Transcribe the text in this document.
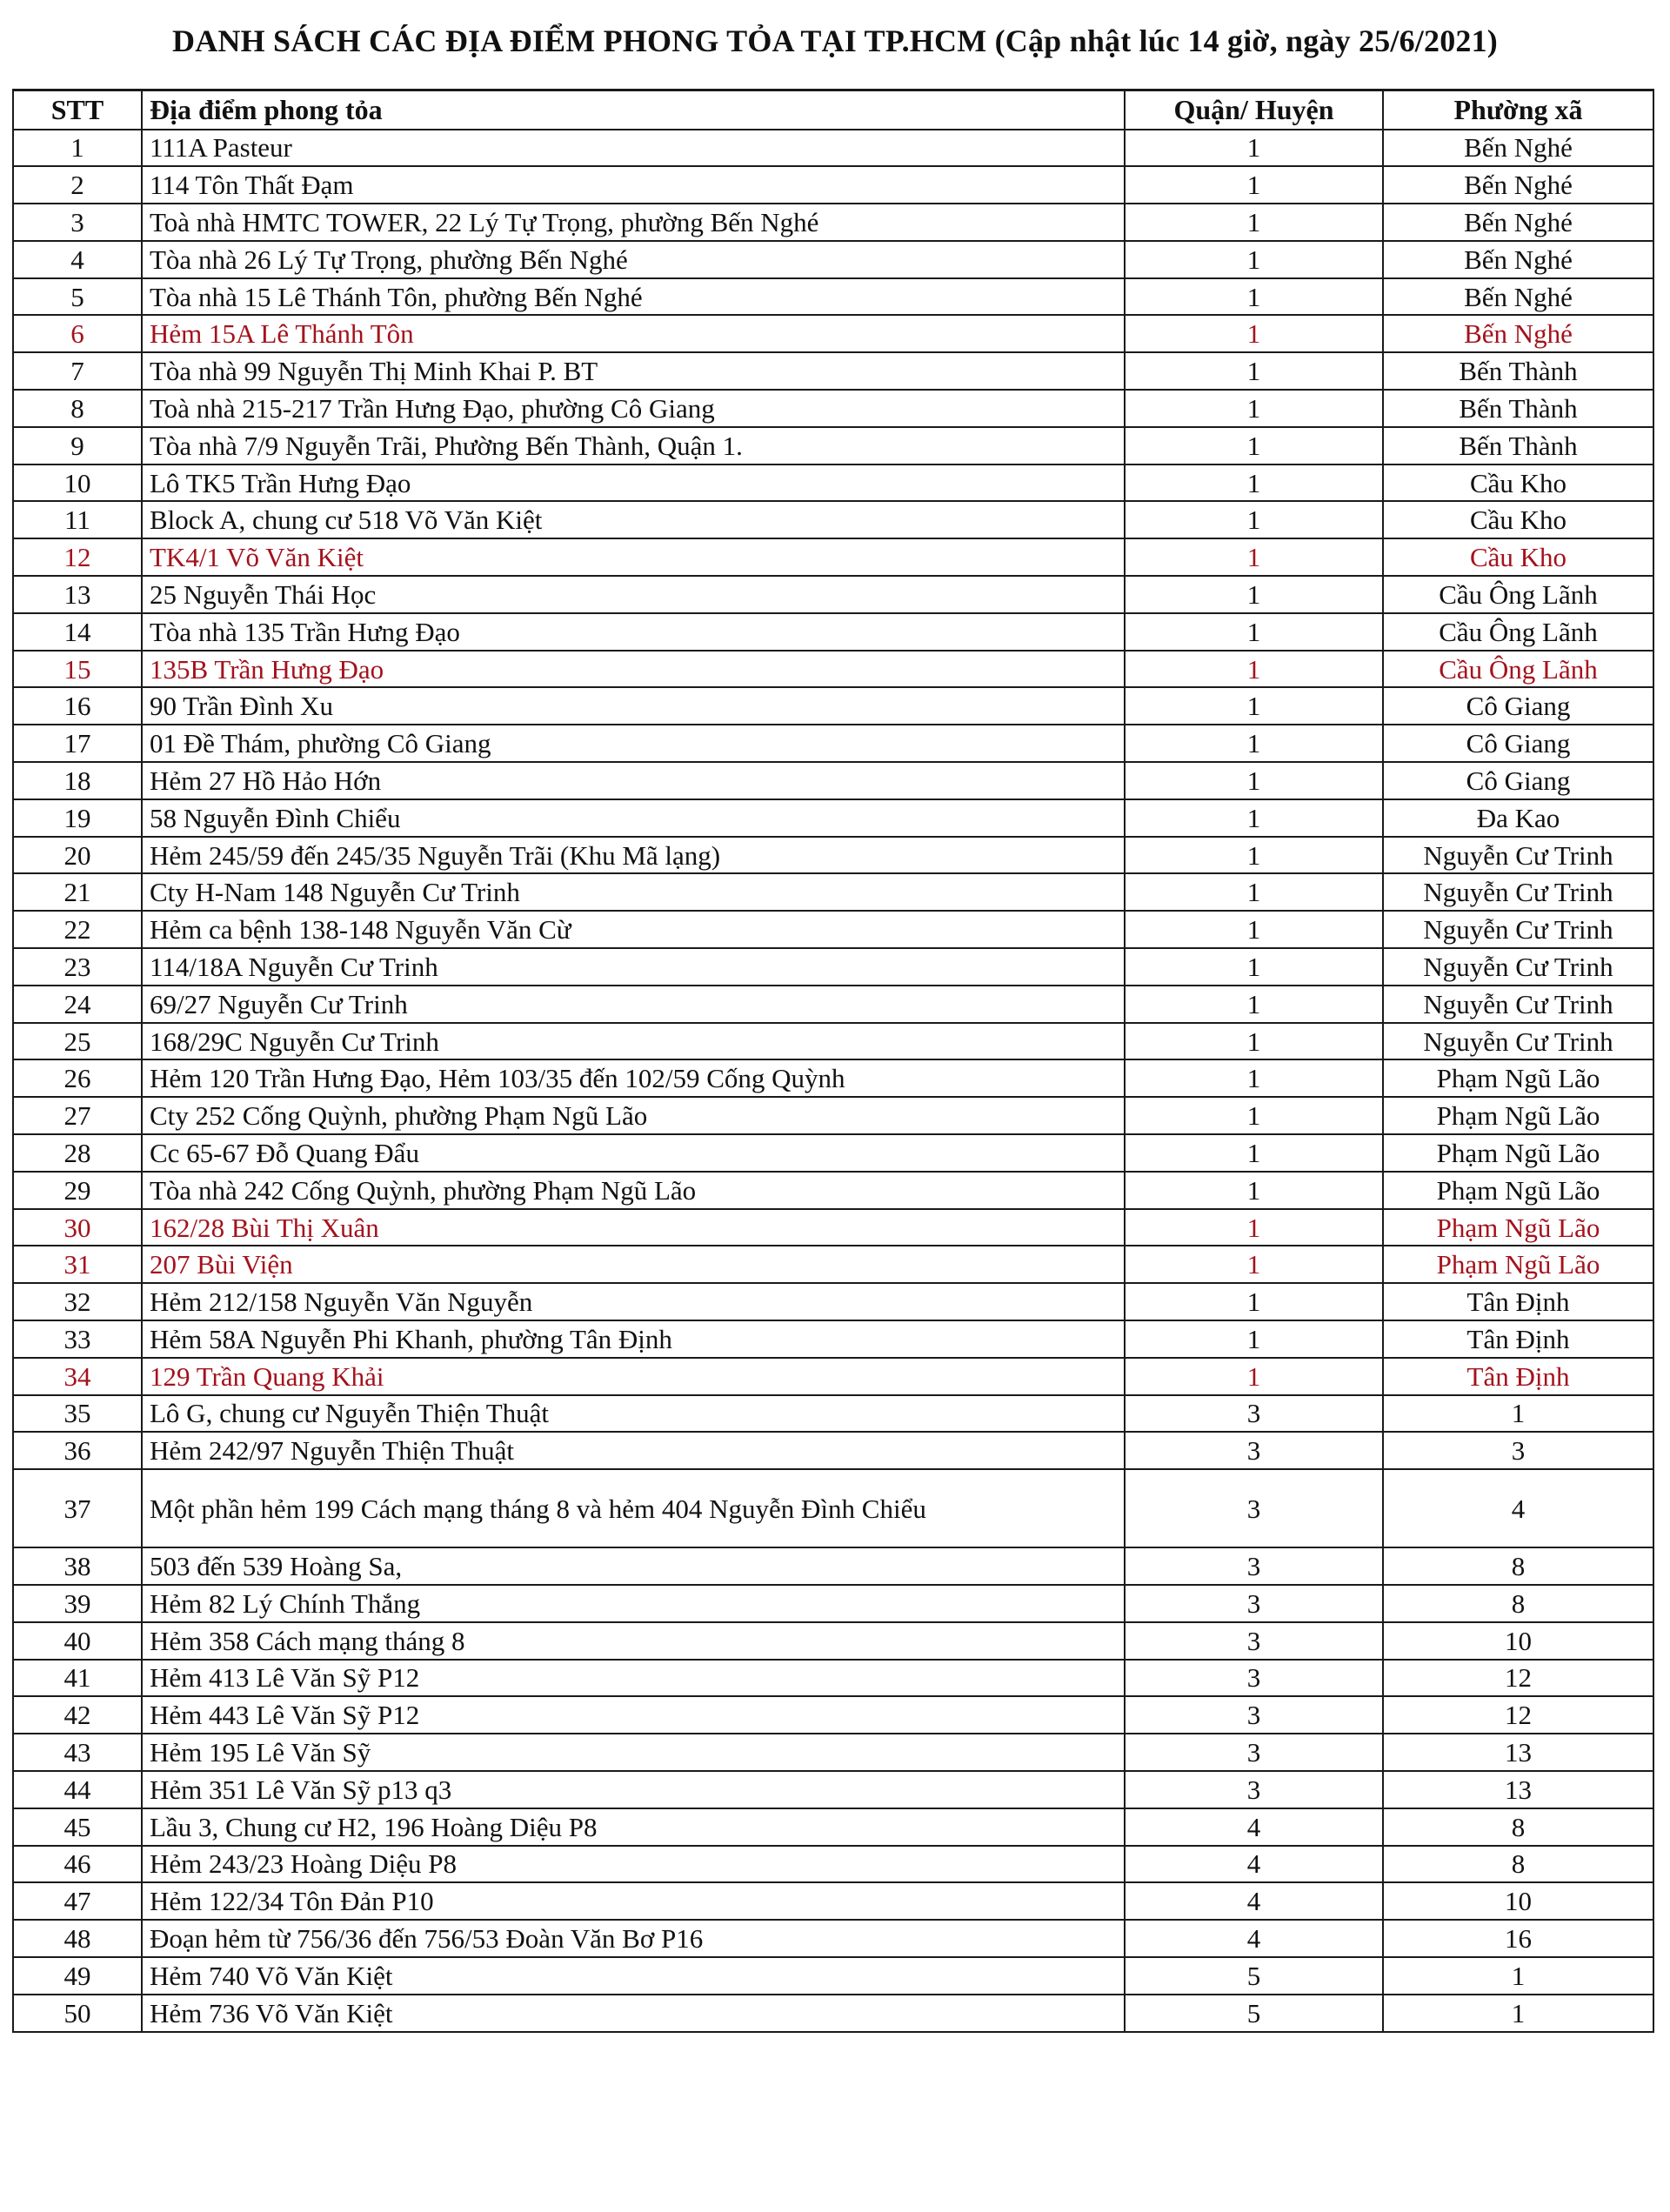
DANH SÁCH CÁC ĐỊA ĐIỂM PHONG TỎA TẠI TP.HCM (Cập nhật lúc 14 giờ, ngày 25/6/2021)
STT	Địa điểm phong tỏa	Quận/ Huyện	Phường xã
1	111A Pasteur	1	Bến Nghé
2	114 Tôn Thất Đạm	1	Bến Nghé
3	Toà nhà HMTC TOWER, 22 Lý Tự Trọng, phường Bến Nghé	1	Bến Nghé
4	Tòa nhà 26 Lý Tự Trọng, phường Bến Nghé	1	Bến Nghé
5	Tòa nhà 15 Lê Thánh Tôn, phường Bến Nghé	1	Bến Nghé
6	Hẻm 15A Lê Thánh Tôn	1	Bến Nghé
7	Tòa nhà 99 Nguyễn Thị Minh Khai P. BT	1	Bến Thành
8	Toà nhà 215-217 Trần Hưng Đạo, phường Cô Giang	1	Bến Thành
9	Tòa nhà 7/9 Nguyễn Trãi, Phường Bến Thành, Quận 1.	1	Bến Thành
10	Lô TK5 Trần Hưng Đạo	1	Cầu Kho
11	Block A, chung cư 518 Võ Văn Kiệt	1	Cầu Kho
12	TK4/1 Võ Văn Kiệt	1	Cầu Kho
13	25 Nguyễn Thái Học	1	Cầu Ông Lãnh
14	Tòa nhà 135 Trần Hưng Đạo	1	Cầu Ông Lãnh
15	135B Trần Hưng Đạo	1	Cầu Ông Lãnh
16	90 Trần Đình Xu	1	Cô Giang
17	01 Đề Thám, phường Cô Giang	1	Cô Giang
18	Hẻm 27 Hồ Hảo Hớn	1	Cô Giang
19	58 Nguyễn Đình Chiểu	1	Đa Kao
20	Hẻm 245/59 đến 245/35 Nguyễn Trãi (Khu Mã lạng)	1	Nguyễn Cư Trinh
21	Cty H-Nam 148 Nguyễn Cư Trinh	1	Nguyễn Cư Trinh
22	Hẻm ca bệnh 138-148 Nguyễn Văn Cừ	1	Nguyễn Cư Trinh
23	114/18A Nguyễn Cư Trinh	1	Nguyễn Cư Trinh
24	69/27 Nguyễn Cư Trinh	1	Nguyễn Cư Trinh
25	168/29C Nguyễn Cư Trinh	1	Nguyễn Cư Trinh
26	Hẻm 120 Trần Hưng Đạo, Hẻm 103/35 đến 102/59 Cống Quỳnh	1	Phạm Ngũ Lão
27	Cty 252 Cống Quỳnh, phường Phạm Ngũ Lão	1	Phạm Ngũ Lão
28	Cc 65-67 Đỗ Quang Đẩu	1	Phạm Ngũ Lão
29	Tòa nhà 242 Cống Quỳnh, phường Phạm Ngũ Lão	1	Phạm Ngũ Lão
30	162/28 Bùi Thị Xuân	1	Phạm Ngũ Lão
31	207 Bùi Viện	1	Phạm Ngũ Lão
32	Hẻm 212/158 Nguyễn Văn Nguyễn	1	Tân Định
33	Hẻm 58A Nguyễn Phi Khanh, phường Tân Định	1	Tân Định
34	129 Trần Quang Khải	1	Tân Định
35	Lô G, chung cư Nguyễn Thiện Thuật	3	1
36	Hẻm 242/97 Nguyễn Thiện Thuật	3	3
37	Một phần hẻm 199 Cách mạng tháng 8 và hẻm 404 Nguyễn Đình Chiểu	3	4
38	503 đến 539 Hoàng Sa,	3	8
39	Hẻm 82 Lý Chính Thắng	3	8
40	Hẻm 358 Cách mạng tháng 8	3	10
41	Hẻm 413 Lê Văn Sỹ P12	3	12
42	Hẻm 443 Lê Văn Sỹ P12	3	12
43	Hẻm 195 Lê Văn Sỹ	3	13
44	Hẻm 351 Lê Văn Sỹ p13 q3	3	13
45	Lầu 3, Chung cư H2, 196 Hoàng Diệu P8	4	8
46	Hẻm 243/23 Hoàng Diệu P8	4	8
47	Hẻm 122/34 Tôn Đản P10	4	10
48	Đoạn hẻm từ 756/36 đến 756/53 Đoàn Văn Bơ P16	4	16
49	Hẻm 740 Võ Văn Kiệt	5	1
50	Hẻm 736 Võ Văn Kiệt	5	1
